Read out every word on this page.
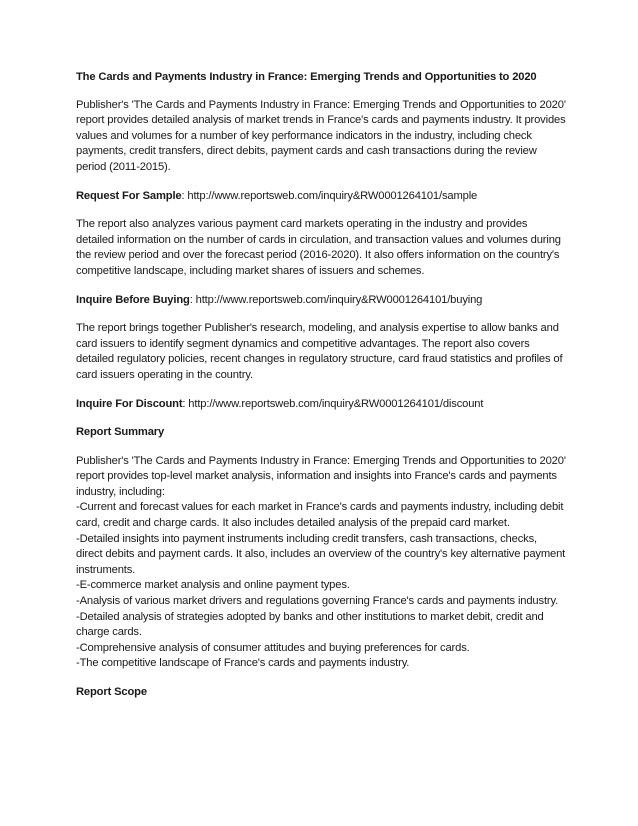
The Cards and Payments Industry in France: Emerging Trends and Opportunities to 2020

Publisher's 'The Cards and Payments Industry in France: Emerging Trends and Opportunities to 2020' report provides detailed analysis of market trends in France's cards and payments industry. It provides values and volumes for a number of key performance indicators in the industry, including check payments, credit transfers, direct debits, payment cards and cash transactions during the review period (2011-2015).

Request For Sample: http://www.reportsweb.com/inquiry&RW0001264101/sample

The report also analyzes various payment card markets operating in the industry and provides detailed information on the number of cards in circulation, and transaction values and volumes during the review period and over the forecast period (2016-2020). It also offers information on the country's competitive landscape, including market shares of issuers and schemes.

Inquire Before Buying: http://www.reportsweb.com/inquiry&RW0001264101/buying

The report brings together Publisher's research, modeling, and analysis expertise to allow banks and card issuers to identify segment dynamics and competitive advantages. The report also covers detailed regulatory policies, recent changes in regulatory structure, card fraud statistics and profiles of card issuers operating in the country.

Inquire For Discount: http://www.reportsweb.com/inquiry&RW0001264101/discount

Report Summary

Publisher's 'The Cards and Payments Industry in France: Emerging Trends and Opportunities to 2020' report provides top-level market analysis, information and insights into France's cards and payments industry, including:
-Current and forecast values for each market in France's cards and payments industry, including debit card, credit and charge cards. It also includes detailed analysis of the prepaid card market.
-Detailed insights into payment instruments including credit transfers, cash transactions, checks, direct debits and payment cards. It also, includes an overview of the country's key alternative payment instruments.
-E-commerce market analysis and online payment types.
-Analysis of various market drivers and regulations governing France's cards and payments industry.
-Detailed analysis of strategies adopted by banks and other institutions to market debit, credit and charge cards.
-Comprehensive analysis of consumer attitudes and buying preferences for cards.
-The competitive landscape of France's cards and payments industry.

Report Scope
